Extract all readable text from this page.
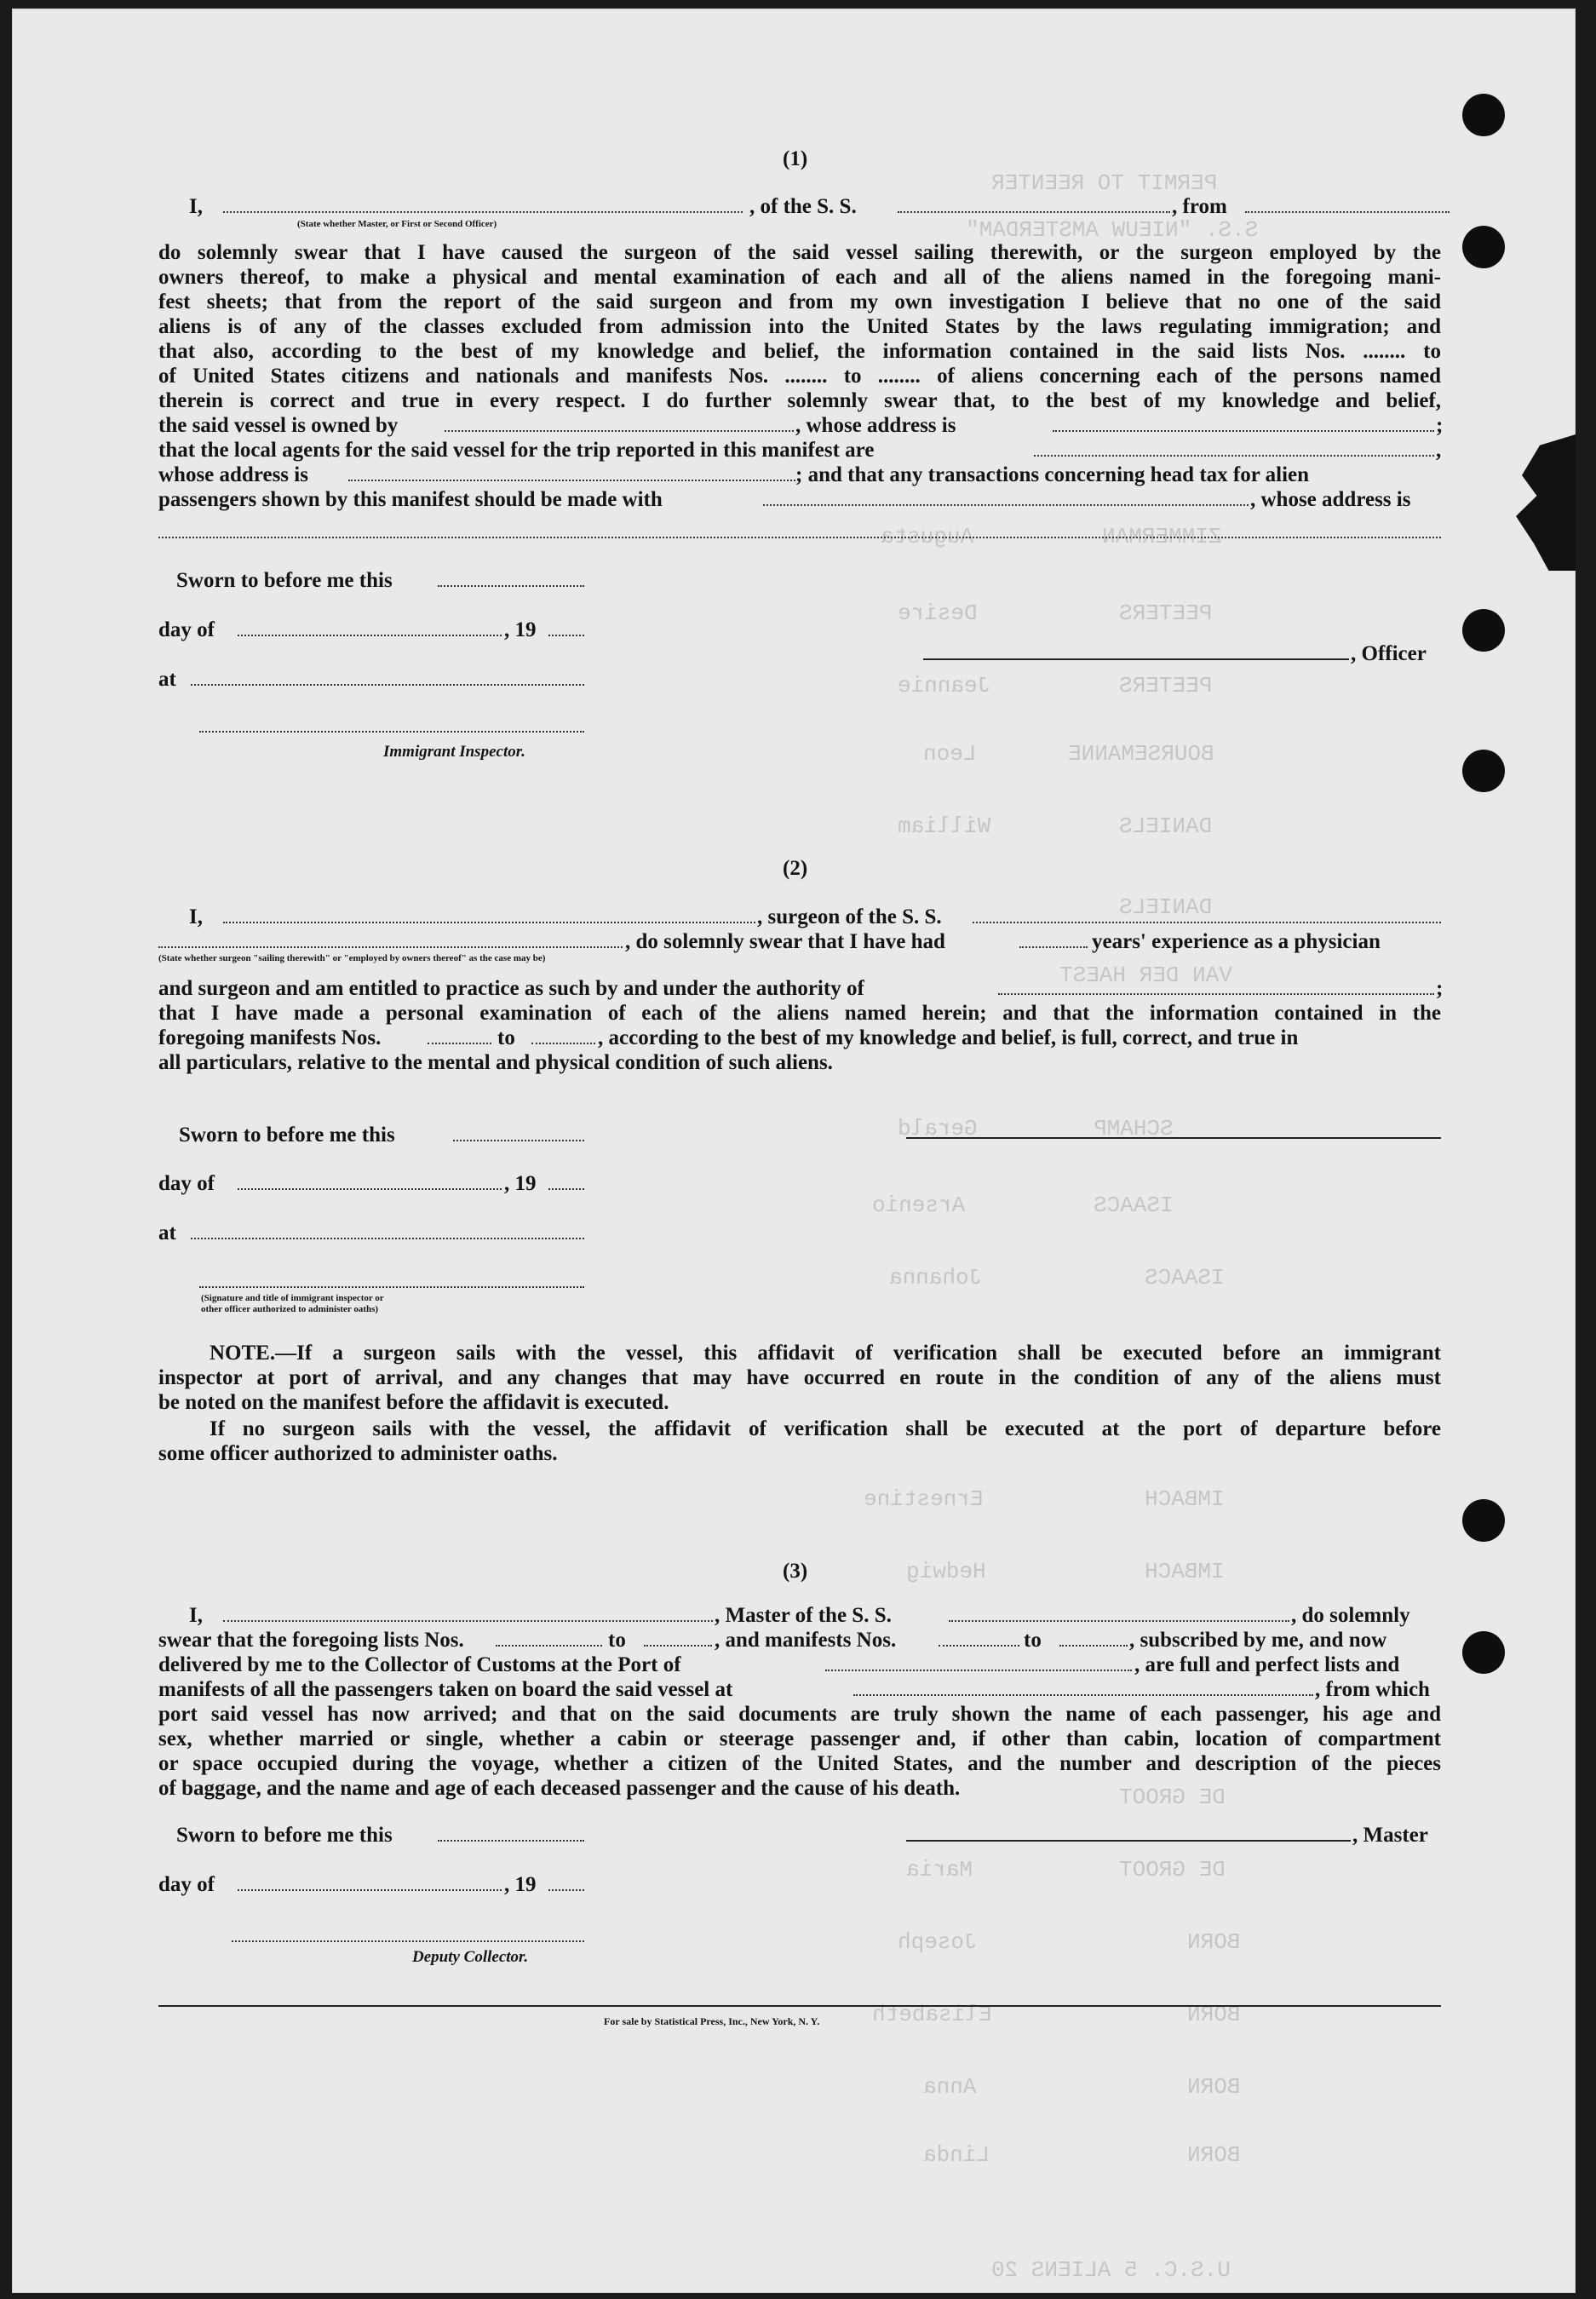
PERMIT TO REENTER
S.S. "NIEUW AMSTERDAM"
ZIMMERMAN
Augusta
PEETERS
Desire
PEETERS
Jeannie
BOURSEMANNE
Leon
DANIELS
William
DANIELS
VAN DER HAEST
SCHAMP
Gerald
ISAACS
Arsenio
ISAACS
Johanna
IMBACH
Ernestine
IMBACH
Hedwig
DE GROOT
DE GROOT
Maria
BORN
Joseph
BORN
Elisabeth
BORN
Anna
BORN
Linda
U.S.C. 5 ALIENS 20
(1)
I,	, of the S. S.	, from
(State whether Master, or First or Second Officer)
do solemnly swear that I have caused the surgeon of the said vessel sailing therewith, or the surgeon employed by the
owners thereof, to make a physical and mental examination of each and all of the aliens named in the foregoing mani-
fest sheets; that from the report of the said surgeon and from my own investigation I believe that no one of the said
aliens is of any of the classes excluded from admission into the United States by the laws regulating immigration; and
that also, according to the best of my knowledge and belief, the information contained in the said lists Nos. ........ to
of United States citizens and nationals and manifests Nos. ........ to ........ of aliens concerning each of the persons named
therein is correct and true in every respect. I do further solemnly swear that, to the best of my knowledge and belief,
the said vessel is owned by	, whose address is	;
that the local agents for the said vessel for the trip reported in this manifest are	,
whose address is	; and that any transactions concerning head tax for alien
passengers shown by this manifest should be made with	, whose address is
Sworn to before me this
day of	, 19
at
, Officer
Immigrant Inspector.
(2)
I,	, surgeon of the S. S.
, do solemnly swear that I have had	years' experience as a physician
(State whether surgeon "sailing therewith" or "employed by owners thereof" as the case may be)
and surgeon and am entitled to practice as such by and under the authority of	;
that I have made a personal examination of each of the aliens named herein; and that the information contained in the
foregoing manifests Nos.	to	, according to the best of my knowledge and belief, is full, correct, and true in
all particulars, relative to the mental and physical condition of such aliens.
Sworn to before me this
day of	, 19
at
(Signature and title of immigrant inspector or
other officer authorized to administer oaths)
NOTE.—If a surgeon sails with the vessel, this affidavit of verification shall be executed before an immigrant
inspector at port of arrival, and any changes that may have occurred en route in the condition of any of the aliens must
be noted on the manifest before the affidavit is executed.
If no surgeon sails with the vessel, the affidavit of verification shall be executed at the port of departure before
some officer authorized to administer oaths.
(3)
I,	, Master of the S. S.	, do solemnly
swear that the foregoing lists Nos.	to	, and manifests Nos.	to	, subscribed by me, and now
delivered by me to the Collector of Customs at the Port of	, are full and perfect lists and
manifests of all the passengers taken on board the said vessel at	, from which
port said vessel has now arrived; and that on the said documents are truly shown the name of each passenger, his age and
sex, whether married or single, whether a cabin or steerage passenger and, if other than cabin, location of compartment
or space occupied during the voyage, whether a citizen of the United States, and the number and description of the pieces
of baggage, and the name and age of each deceased passenger and the cause of his death.
Sworn to before me this	, Master
day of	, 19
Deputy Collector.
For sale by Statistical Press, Inc., New York, N. Y.
